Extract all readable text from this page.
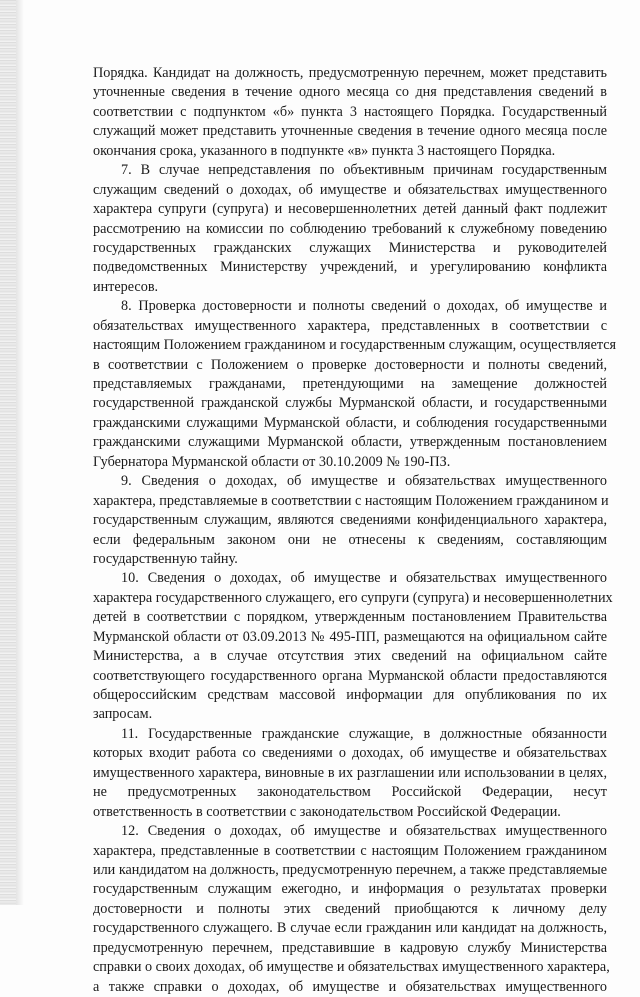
Порядка. Кандидат на должность, предусмотренную перечнем, может представить

уточненные сведения в течение одного месяца со дня представления сведений в

соответствии с подпунктом «б» пункта 3 настоящего Порядка. Государственный

служащий может представить уточненные сведения в течение одного месяца после

окончания срока, указанного в подпункте «в» пункта 3 настоящего Порядка.

7. В случае непредставления по объективным причинам государственным

служащим сведений о доходах, об имуществе и обязательствах имущественного

характера супруги (супруга) и несовершеннолетних детей данный факт подлежит

рассмотрению на комиссии по соблюдению требований к служебному поведению

государственных гражданских служащих Министерства и руководителей

подведомственных Министерству учреждений, и урегулированию конфликта

интересов.

8. Проверка достоверности и полноты сведений о доходах, об имуществе и

обязательствах имущественного характера, представленных в соответствии с

настоящим Положением гражданином и государственным служащим, осуществляется

в соответствии с Положением о проверке достоверности и полноты сведений,

представляемых гражданами, претендующими на замещение должностей

государственной гражданской службы Мурманской области, и государственными

гражданскими служащими Мурманской области, и соблюдения государственными

гражданскими служащими Мурманской области, утвержденным постановлением

Губернатора Мурманской области от 30.10.2009 № 190-ПЗ.

9. Сведения о доходах, об имуществе и обязательствах имущественного

характера, представляемые в соответствии с настоящим Положением гражданином и

государственным служащим, являются сведениями конфиденциального характера,

если федеральным законом они не отнесены к сведениям, составляющим

государственную тайну.

10. Сведения о доходах, об имуществе и обязательствах имущественного

характера государственного служащего, его супруги (супруга) и несовершеннолетних

детей в соответствии с порядком, утвержденным постановлением Правительства

Мурманской области от 03.09.2013 № 495-ПП, размещаются на официальном сайте

Министерства, а в случае отсутствия этих сведений на официальном сайте

соответствующего государственного органа Мурманской области предоставляются

общероссийским средствам массовой информации для опубликования по их

запросам.

11. Государственные гражданские служащие, в должностные обязанности

которых входит работа со сведениями о доходах, об имуществе и обязательствах

имущественного характера, виновные в их разглашении или использовании в целях,

не предусмотренных законодательством Российской Федерации, несут

ответственность в соответствии с законодательством Российской Федерации.

12. Сведения о доходах, об имуществе и обязательствах имущественного

характера, представленные в соответствии с настоящим Положением гражданином

или кандидатом на должность, предусмотренную перечнем, а также представляемые

государственным служащим ежегодно, и информация о результатах проверки

достоверности и полноты этих сведений приобщаются к личному делу

государственного служащего. В случае если гражданин или кандидат на должность,

предусмотренную перечнем, представившие в кадровую службу Министерства

справки о своих доходах, об имуществе и обязательствах имущественного характера,

а также справки о доходах, об имуществе и обязательствах имущественного
